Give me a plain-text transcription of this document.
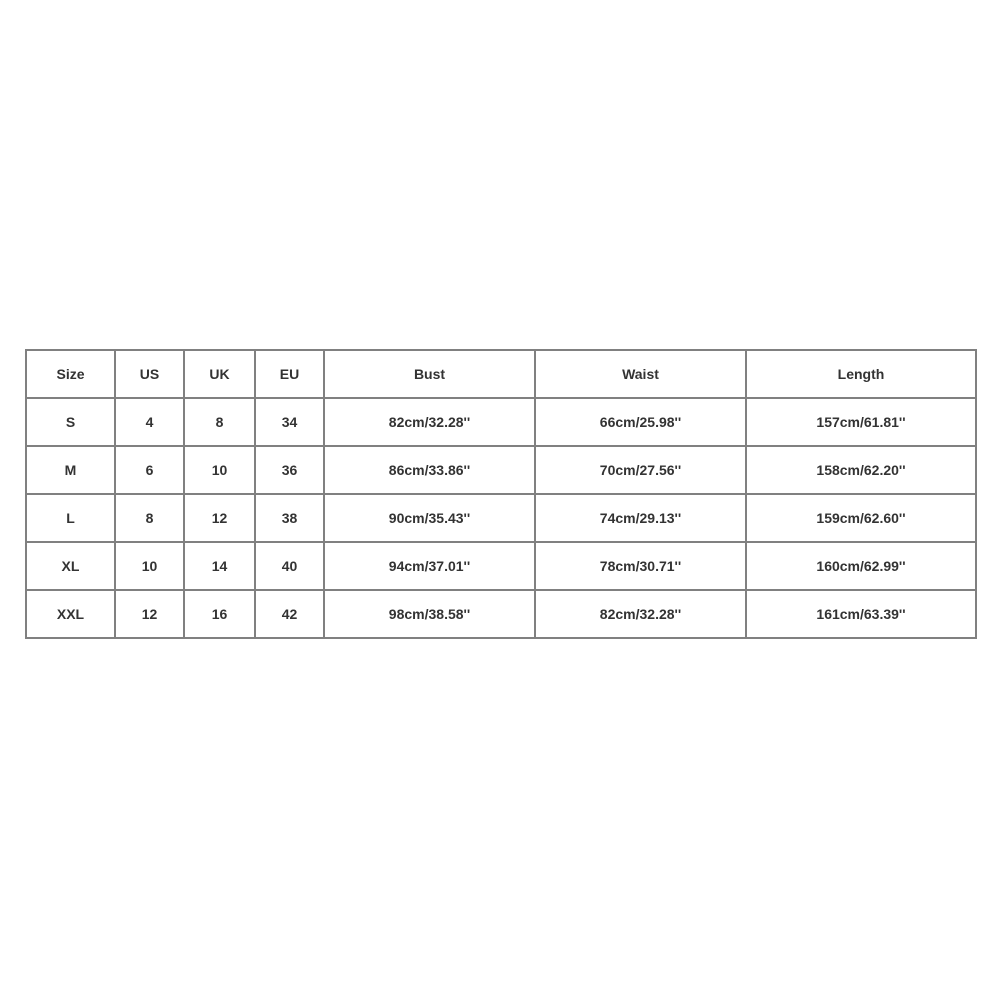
Size	US	UK	EU	Bust	Waist	Length
S	4	8	34	82cm/32.28''	66cm/25.98''	157cm/61.81''
M	6	10	36	86cm/33.86''	70cm/27.56''	158cm/62.20''
L	8	12	38	90cm/35.43''	74cm/29.13''	159cm/62.60''
XL	10	14	40	94cm/37.01''	78cm/30.71''	160cm/62.99''
XXL	12	16	42	98cm/38.58''	82cm/32.28''	161cm/63.39''
